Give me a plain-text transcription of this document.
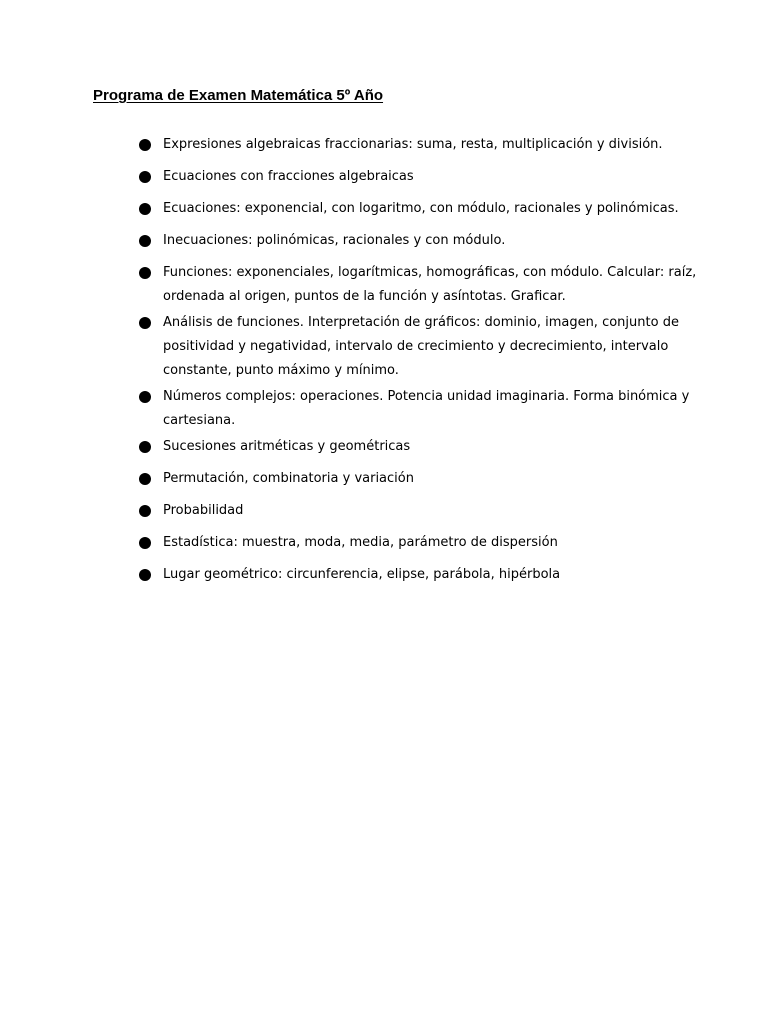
Programa de Examen Matemática 5º Año
Expresiones algebraicas fraccionarias: suma, resta, multiplicación y división.
Ecuaciones con fracciones algebraicas
Ecuaciones: exponencial, con logaritmo, con módulo, racionales y polinómicas.
Inecuaciones: polinómicas, racionales y con módulo.
Funciones: exponenciales, logarítmicas, homográficas, con módulo. Calcular: raíz, ordenada al origen, puntos de la función y asíntotas. Graficar.
Análisis de funciones. Interpretación de gráficos: dominio, imagen, conjunto de positividad y negatividad, intervalo de crecimiento y decrecimiento, intervalo constante, punto máximo y mínimo.
Números complejos: operaciones. Potencia unidad imaginaria. Forma binómica y cartesiana.
Sucesiones aritméticas y geométricas
Permutación, combinatoria y variación
Probabilidad
Estadística: muestra, moda, media, parámetro de dispersión
Lugar geométrico: circunferencia, elipse, parábola, hipérbola
